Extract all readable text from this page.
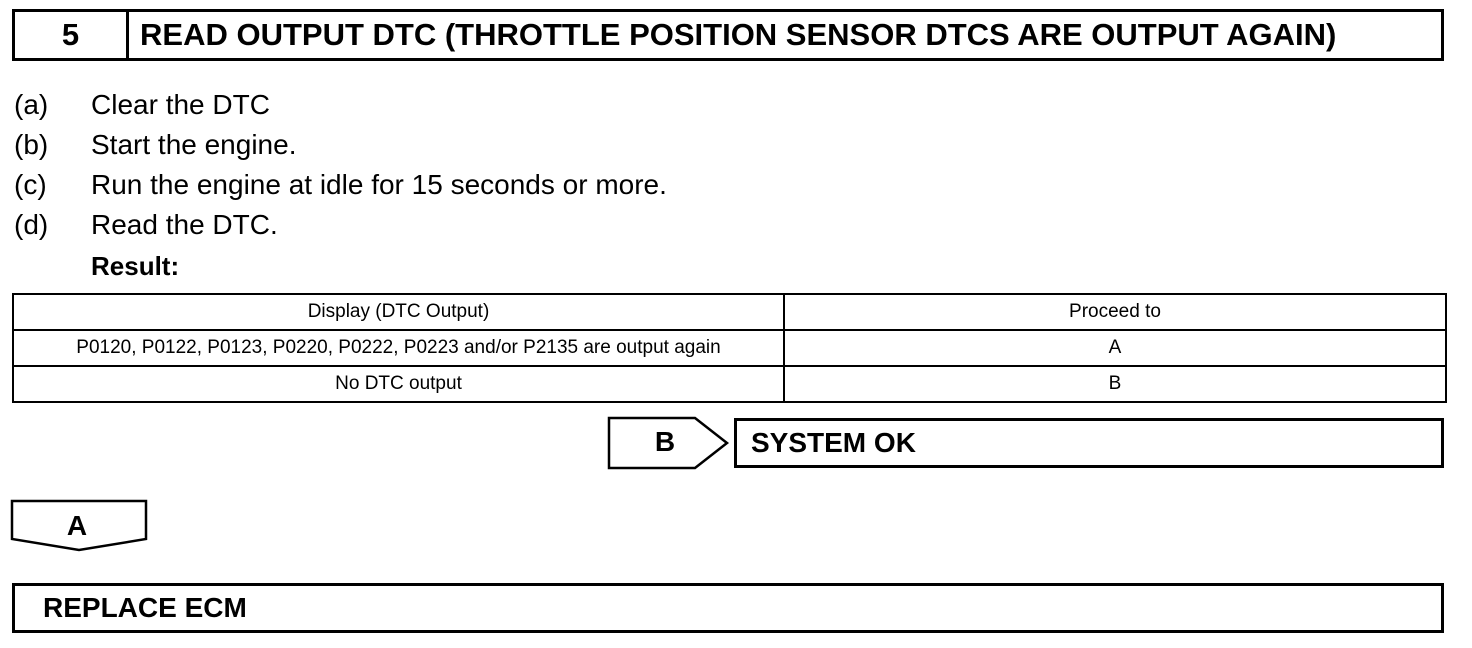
5	READ OUTPUT DTC (THROTTLE POSITION SENSOR DTCS ARE OUTPUT AGAIN)
(a)	Clear the DTC
(b)	Start the engine.
(c)	Run the engine at idle for 15 seconds or more.
(d)	Read the DTC.
Result:
Display (DTC Output)	Proceed to
P0120, P0122, P0123, P0220, P0222, P0223 and/or P2135 are output again	A
No DTC output	B
B	SYSTEM OK
A
REPLACE ECM
